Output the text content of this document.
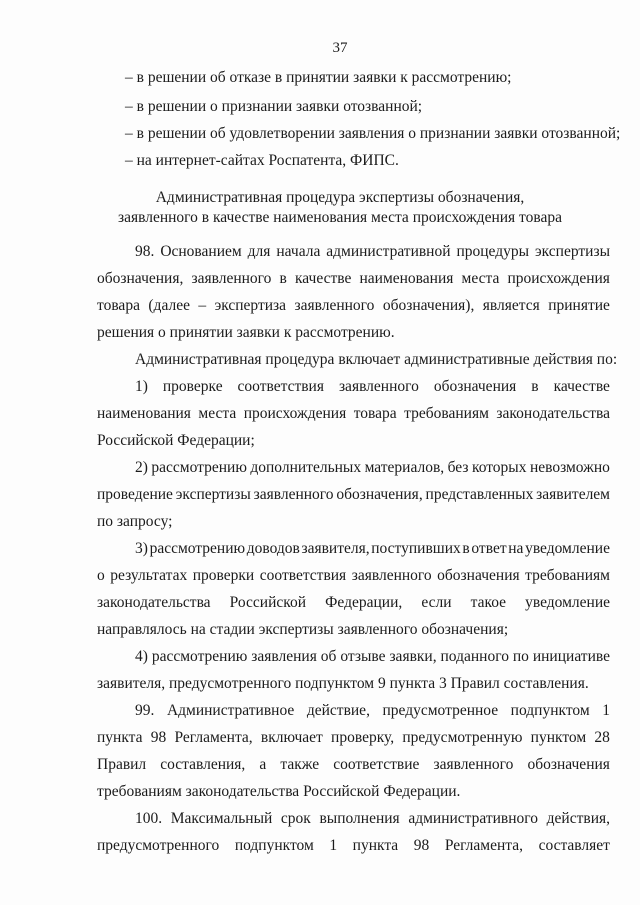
37
– в решении об отказе в принятии заявки к рассмотрению;
– в решении о признании заявки отозванной;
– в решении об удовлетворении заявления о признании заявки отозванной;
– на интернет-сайтах Роспатента, ФИПС.
Административная процедура экспертизы обозначения,
заявленного в качестве наименования места происхождения товара
98. Основанием для начала административной процедуры экспертизы
обозначения, заявленного в качестве наименования места происхождения
товара (далее – экспертиза заявленного обозначения), является принятие
решения о принятии заявки к рассмотрению.
Административная процедура включает административные действия по:
1) проверке соответствия заявленного обозначения в качестве
наименования места происхождения товара требованиям законодательства
Российской Федерации;
2) рассмотрению дополнительных материалов, без которых невозможно
проведение экспертизы заявленного обозначения, представленных заявителем
по запросу;
3) рассмотрению доводов заявителя, поступивших в ответ на уведомление
о результатах проверки соответствия заявленного обозначения требованиям
законодательства Российской Федерации, если такое уведомление
направлялось на стадии экспертизы заявленного обозначения;
4) рассмотрению заявления об отзыве заявки, поданного по инициативе
заявителя, предусмотренного подпунктом 9 пункта 3 Правил составления.
99. Административное действие, предусмотренное подпунктом 1
пункта 98 Регламента, включает проверку, предусмотренную пунктом 28
Правил составления, а также соответствие заявленного обозначения
требованиям законодательства Российской Федерации.
100. Максимальный срок выполнения административного действия,
предусмотренного подпунктом 1 пункта 98 Регламента, составляет
